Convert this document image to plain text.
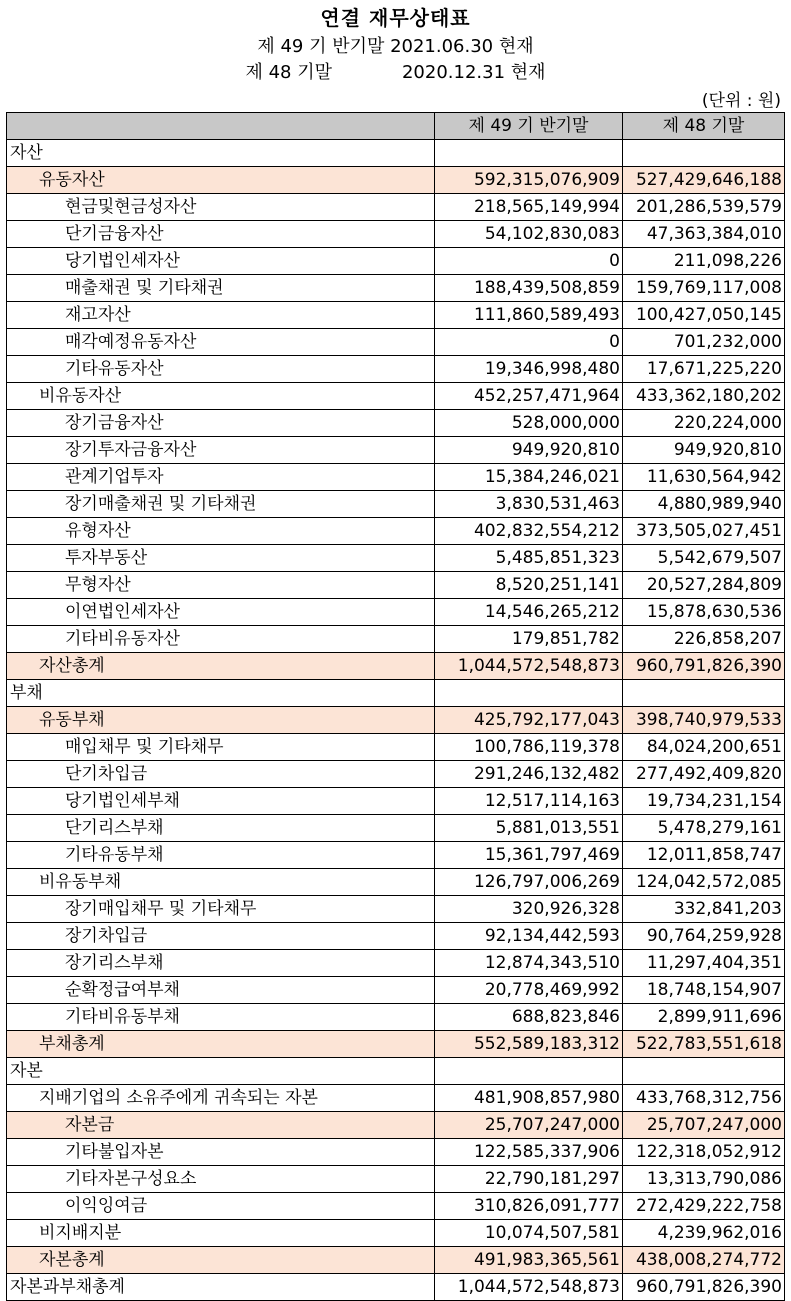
연결 재무상태표
제 49 기 반기말 2021.06.30 현재
제 48 기말	2020.12.31 현재
(단위 : 원)
	제 49 기 반기말	제 48 기말
자산		
유동자산	592,315,076,909	527,429,646,188
현금및현금성자산	218,565,149,994	201,286,539,579
단기금융자산	54,102,830,083	47,363,384,010
당기법인세자산	0	211,098,226
매출채권 및 기타채권	188,439,508,859	159,769,117,008
재고자산	111,860,589,493	100,427,050,145
매각예정유동자산	0	701,232,000
기타유동자산	19,346,998,480	17,671,225,220
비유동자산	452,257,471,964	433,362,180,202
장기금융자산	528,000,000	220,224,000
장기투자금융자산	949,920,810	949,920,810
관계기업투자	15,384,246,021	11,630,564,942
장기매출채권 및 기타채권	3,830,531,463	4,880,989,940
유형자산	402,832,554,212	373,505,027,451
투자부동산	5,485,851,323	5,542,679,507
무형자산	8,520,251,141	20,527,284,809
이연법인세자산	14,546,265,212	15,878,630,536
기타비유동자산	179,851,782	226,858,207
자산총계	1,044,572,548,873	960,791,826,390
부채		
유동부채	425,792,177,043	398,740,979,533
매입채무 및 기타채무	100,786,119,378	84,024,200,651
단기차입금	291,246,132,482	277,492,409,820
당기법인세부채	12,517,114,163	19,734,231,154
단기리스부채	5,881,013,551	5,478,279,161
기타유동부채	15,361,797,469	12,011,858,747
비유동부채	126,797,006,269	124,042,572,085
장기매입채무 및 기타채무	320,926,328	332,841,203
장기차입금	92,134,442,593	90,764,259,928
장기리스부채	12,874,343,510	11,297,404,351
순확정급여부채	20,778,469,992	18,748,154,907
기타비유동부채	688,823,846	2,899,911,696
부채총계	552,589,183,312	522,783,551,618
자본		
지배기업의 소유주에게 귀속되는 자본	481,908,857,980	433,768,312,756
자본금	25,707,247,000	25,707,247,000
기타불입자본	122,585,337,906	122,318,052,912
기타자본구성요소	22,790,181,297	13,313,790,086
이익잉여금	310,826,091,777	272,429,222,758
비지배지분	10,074,507,581	4,239,962,016
자본총계	491,983,365,561	438,008,274,772
자본과부채총계	1,044,572,548,873	960,791,826,390
